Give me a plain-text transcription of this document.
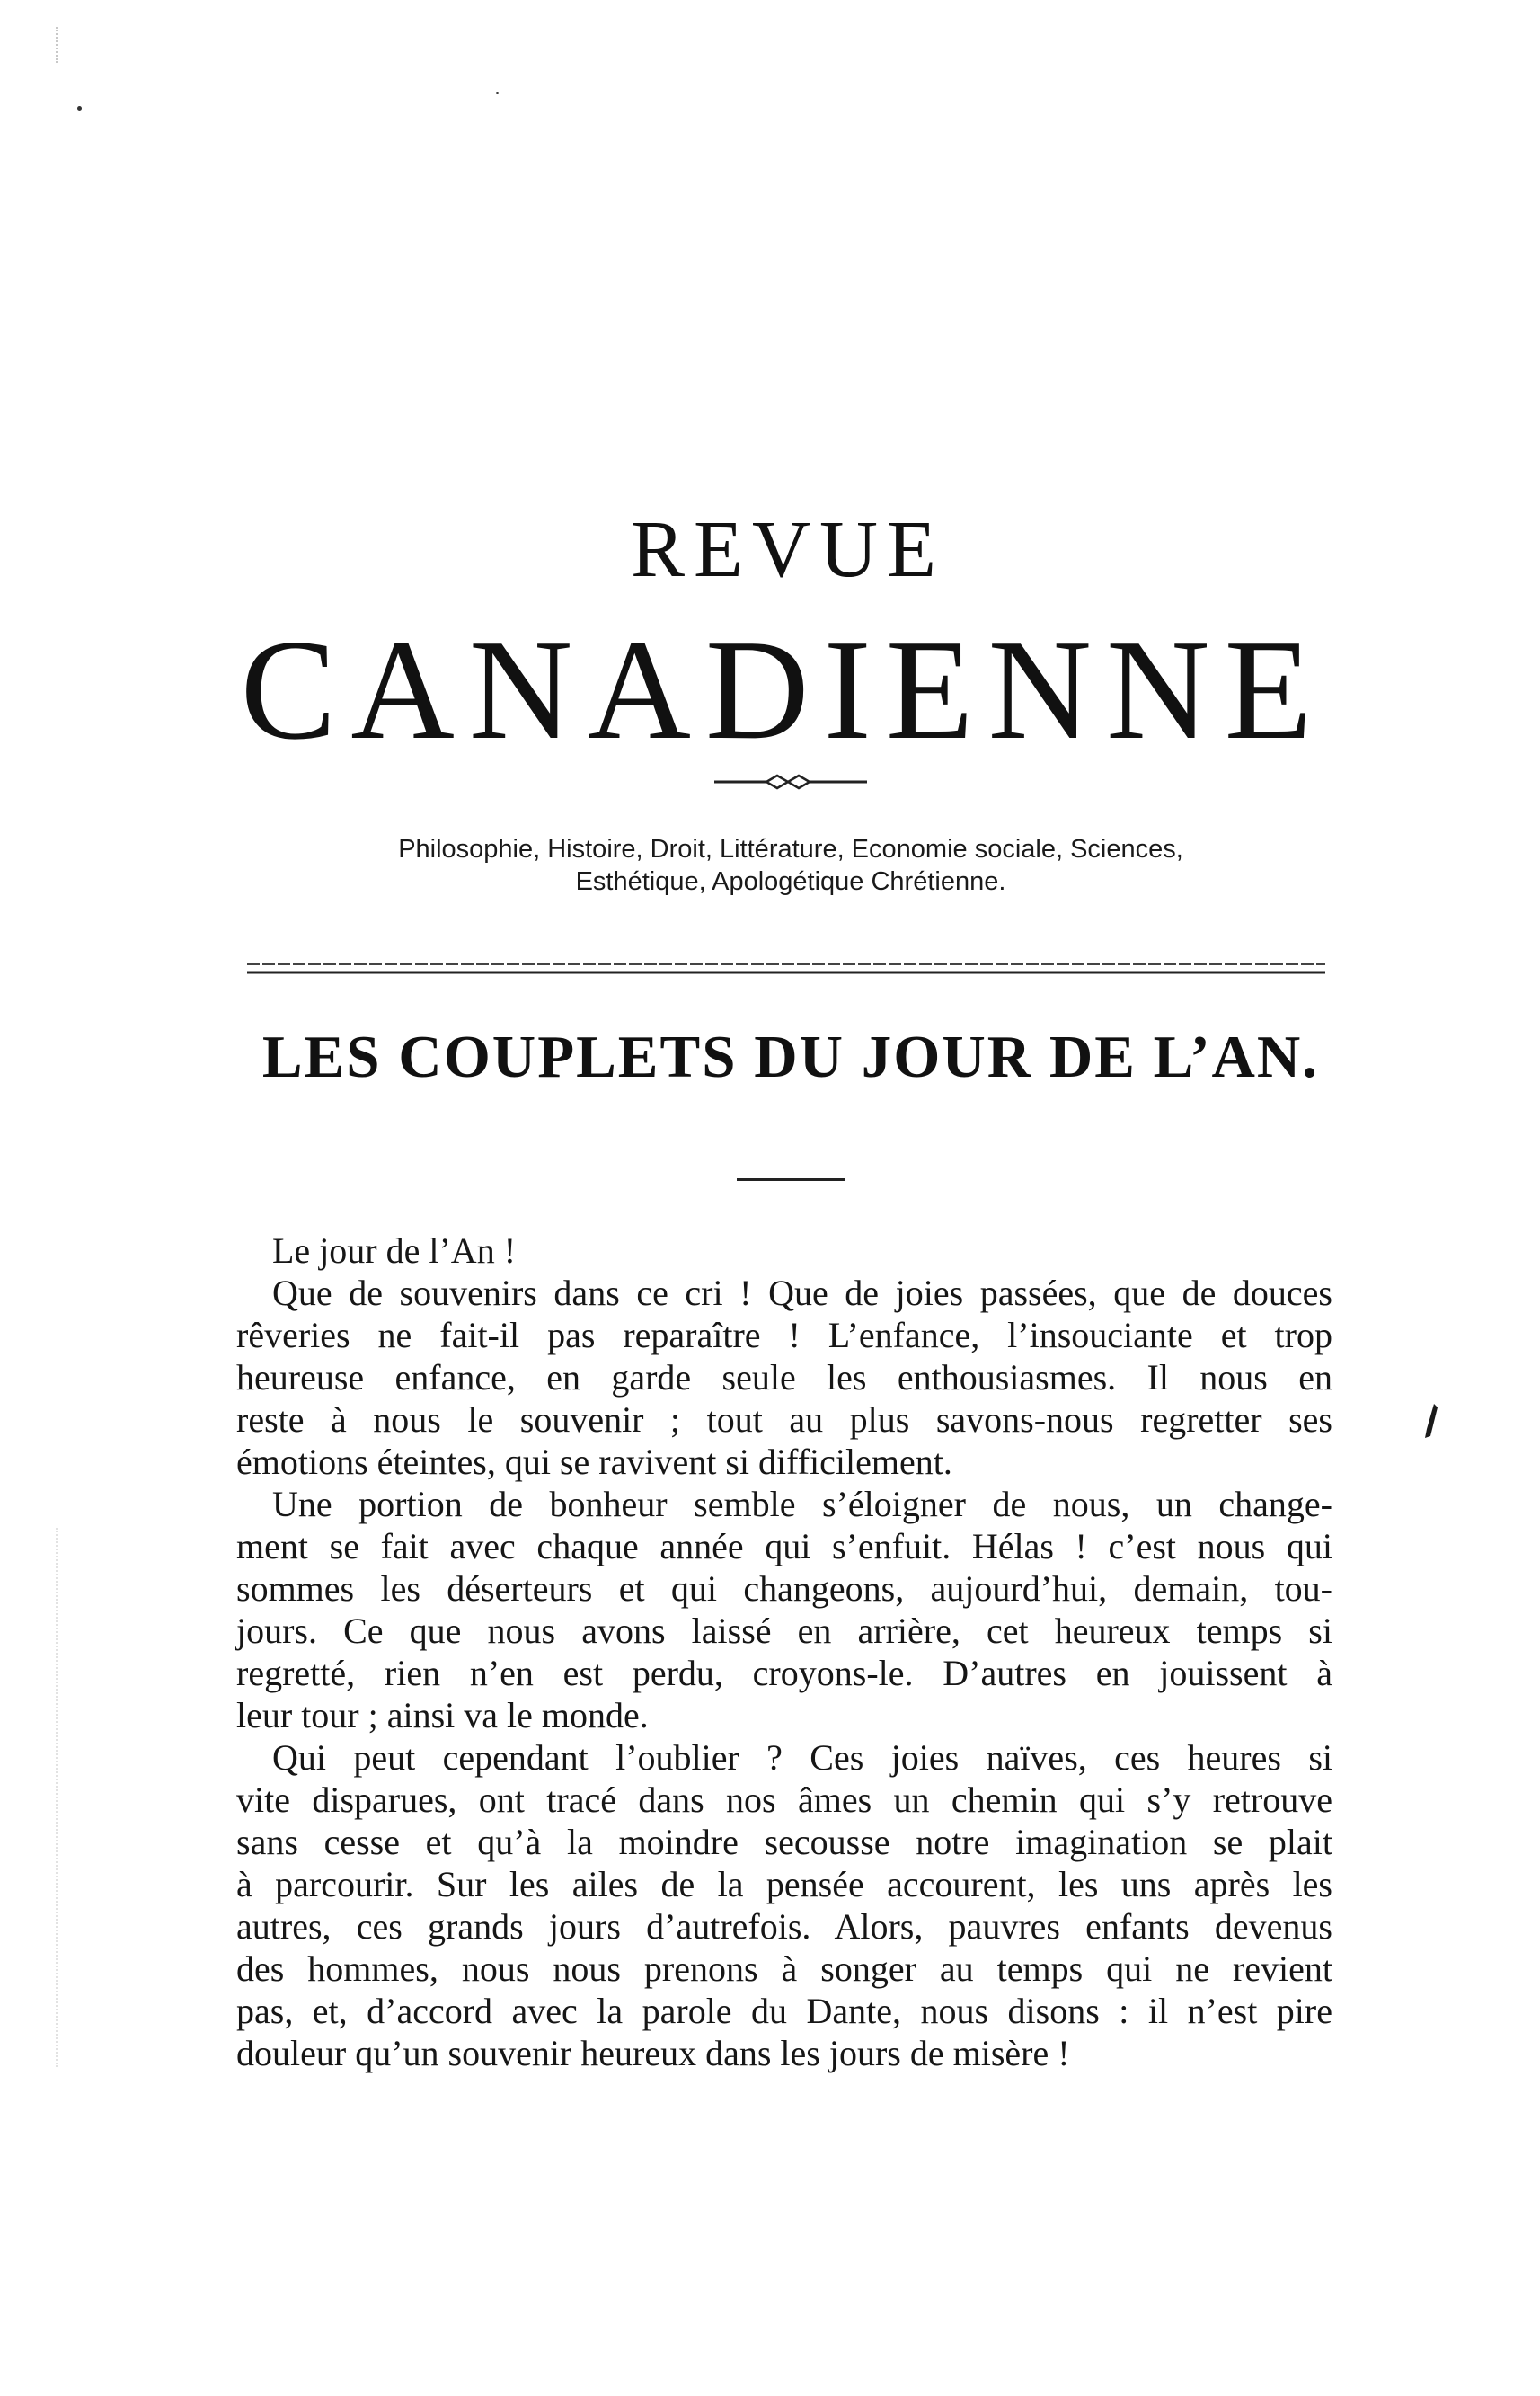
REVUE
CANADIENNE
Philosophie, Histoire, Droit, Littérature, Economie sociale, Sciences,
Esthétique, Apologétique Chrétienne.
LES COUPLETS DU JOUR DE L’AN.
Le jour de l’An !
Que de souvenirs dans ce cri ! Que de joies passées, que de douces
rêveries ne fait-il pas reparaître ! L’enfance, l’insouciante et trop
heureuse enfance, en garde seule les enthousiasmes. Il nous en
reste à nous le souvenir ; tout au plus savons-nous regretter ses
émotions éteintes, qui se ravivent si difficilement.
Une portion de bonheur semble s’éloigner de nous, un change-
ment se fait avec chaque année qui s’enfuit. Hélas ! c’est nous qui
sommes les déserteurs et qui changeons, aujourd’hui, demain, tou-
jours. Ce que nous avons laissé en arrière, cet heureux temps si
regretté, rien n’en est perdu, croyons-le. D’autres en jouissent à
leur tour ; ainsi va le monde.
Qui peut cependant l’oublier ? Ces joies naïves, ces heures si
vite disparues, ont tracé dans nos âmes un chemin qui s’y retrouve
sans cesse et qu’à la moindre secousse notre imagination se plait
à parcourir. Sur les ailes de la pensée accourent, les uns après les
autres, ces grands jours d’autrefois. Alors, pauvres enfants devenus
des hommes, nous nous prenons à songer au temps qui ne revient
pas, et, d’accord avec la parole du Dante, nous disons : il n’est pire
douleur qu’un souvenir heureux dans les jours de misère !
